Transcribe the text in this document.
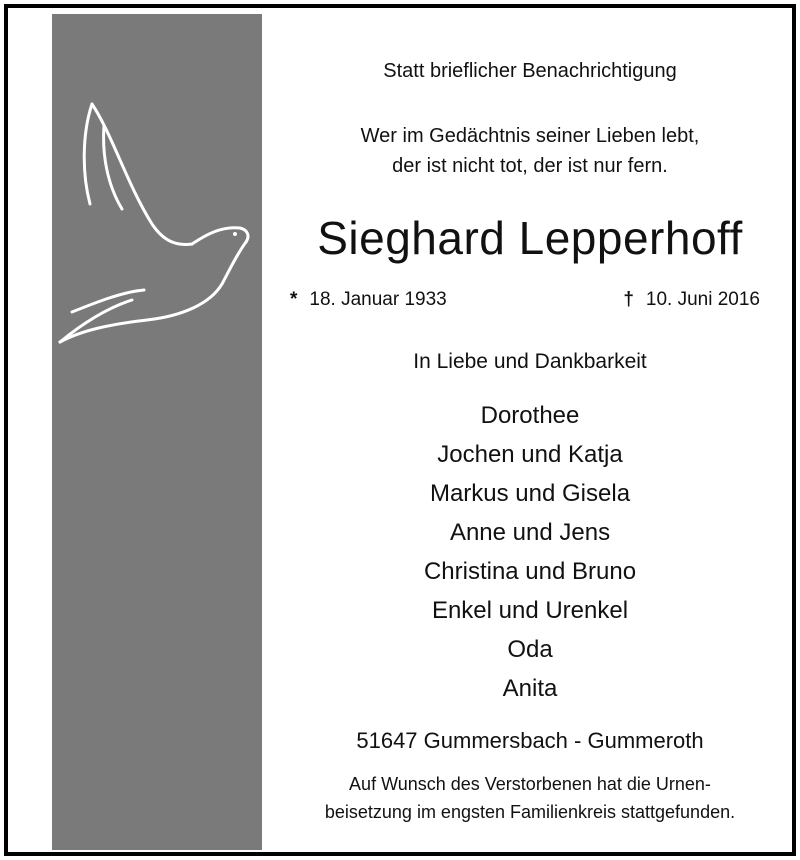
Statt brieflicher Benachrichtigung
Wer im Gedächtnis seiner Lieben lebt,
der ist nicht tot, der ist nur fern.
Sieghard Lepperhoff
* 18. Januar 1933	† 10. Juni 2016
In Liebe und Dankbarkeit
Dorothee
Jochen und Katja
Markus und Gisela
Anne und Jens
Christina und Bruno
Enkel und Urenkel
Oda
Anita
51647 Gummersbach - Gummeroth
Auf Wunsch des Verstorbenen hat die Urnen-
beisetzung im engsten Familienkreis stattgefunden.
